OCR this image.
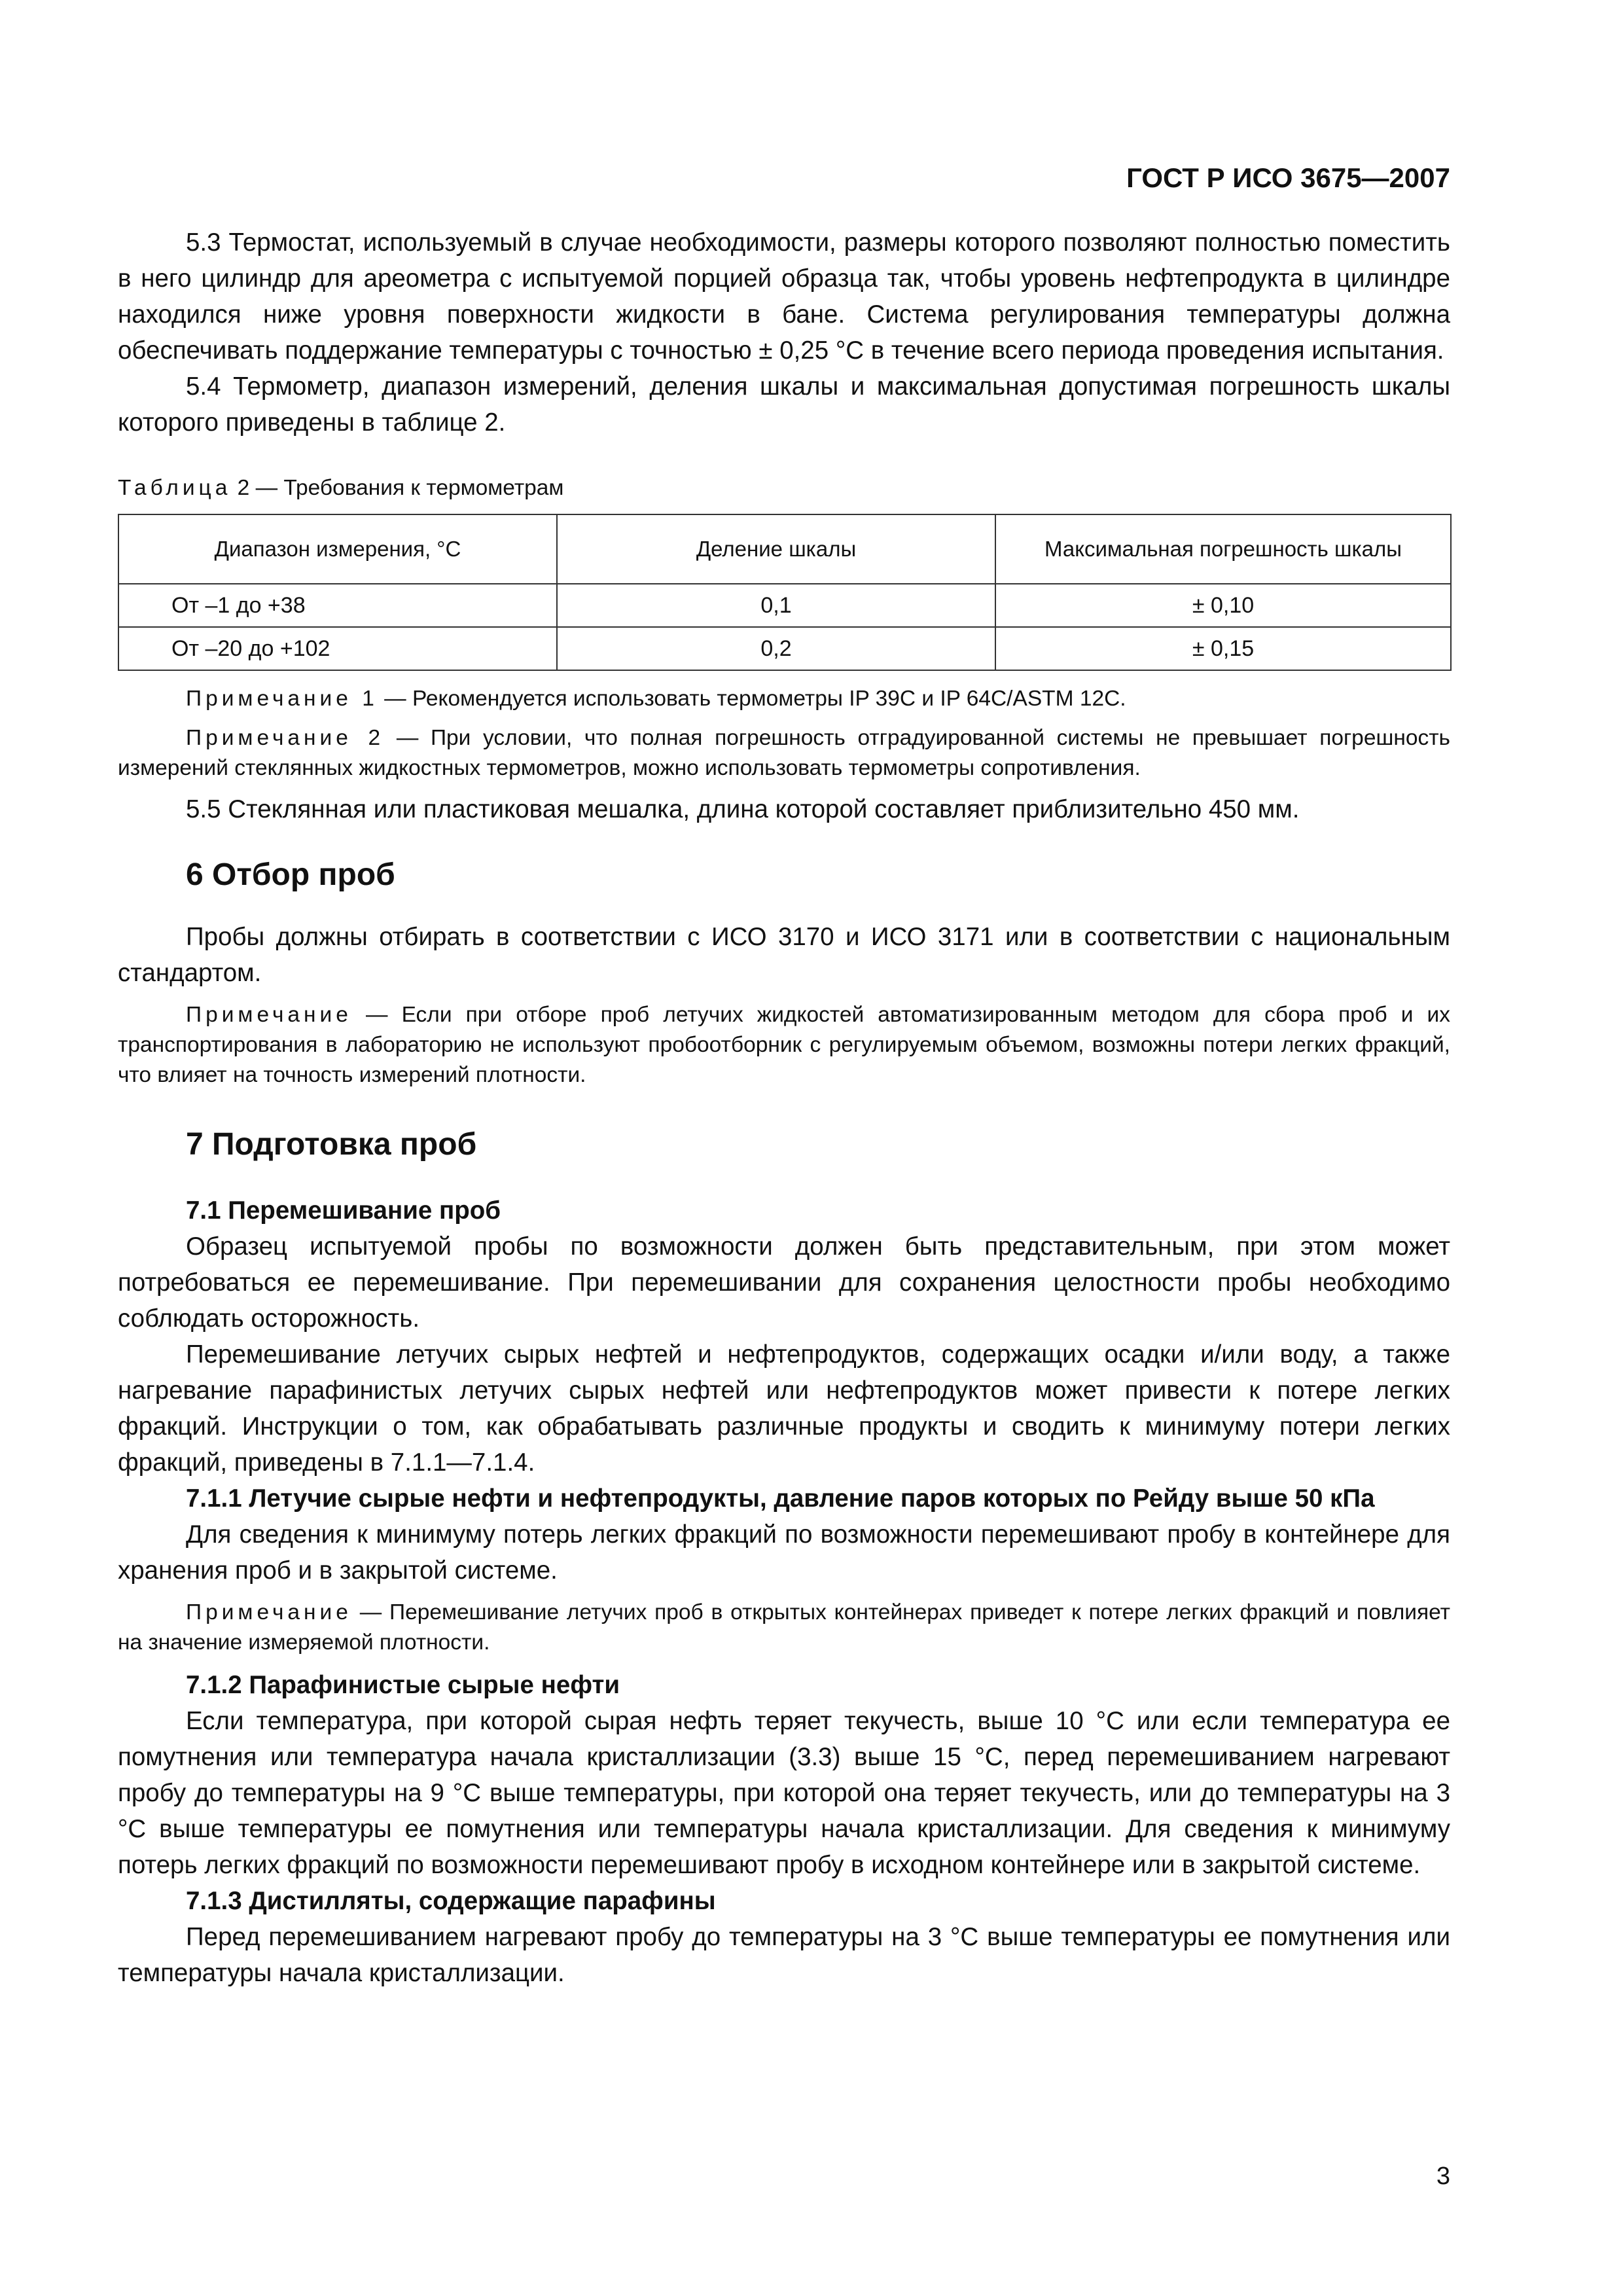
ГОСТ Р ИСО 3675—2007

5.3 Термостат, используемый в случае необходимости, размеры которого позволяют полностью поместить в него цилиндр для ареометра с испытуемой порцией образца так, чтобы уровень нефтепродукта в цилиндре находился ниже уровня поверхности жидкости в бане. Система регулирования температуры должна обеспечивать поддержание температуры с точностью ± 0,25 °С в течение всего периода проведения испытания.

5.4 Термометр, диапазон измерений, деления шкалы и максимальная допустимая погрешность шкалы которого приведены в таблице 2.

Таблица 2 — Требования к термометрам

Диапазон измерения, °С	Деление шкалы	Максимальная погрешность шкалы
От –1 до +38	0,1	± 0,10
От –20 до +102	0,2	± 0,15

Примечание 1 — Рекомендуется использовать термометры IP 39C и IP 64C/ASTM 12C.

Примечание 2 — При условии, что полная погрешность отградуированной системы не превышает погрешность измерений стеклянных жидкостных термометров, можно использовать термометры сопротивления.

5.5 Стеклянная или пластиковая мешалка, длина которой составляет приблизительно 450 мм.

6 Отбор проб

Пробы должны отбирать в соответствии с ИСО 3170 и ИСО 3171 или в соответствии с национальным стандартом.

Примечание — Если при отборе проб летучих жидкостей автоматизированным методом для сбора проб и их транспортирования в лабораторию не используют пробоотборник с регулируемым объемом, возможны потери легких фракций, что влияет на точность измерений плотности.

7 Подготовка проб

7.1 Перемешивание проб

Образец испытуемой пробы по возможности должен быть представительным, при этом может потребоваться ее перемешивание. При перемешивании для сохранения целостности пробы необходимо соблюдать осторожность.

Перемешивание летучих сырых нефтей и нефтепродуктов, содержащих осадки и/или воду, а также нагревание парафинистых летучих сырых нефтей или нефтепродуктов может привести к потере легких фракций. Инструкции о том, как обрабатывать различные продукты и сводить к минимуму потери легких фракций, приведены в 7.1.1—7.1.4.

7.1.1 Летучие сырые нефти и нефтепродукты, давление паров которых по Рейду выше 50 кПа

Для сведения к минимуму потерь легких фракций по возможности перемешивают пробу в контейнере для хранения проб и в закрытой системе.

Примечание — Перемешивание летучих проб в открытых контейнерах приведет к потере легких фракций и повлияет на значение измеряемой плотности.

7.1.2 Парафинистые сырые нефти

Если температура, при которой сырая нефть теряет текучесть, выше 10 °С или если температура ее помутнения или температура начала кристаллизации (3.3) выше 15 °С, перед перемешиванием нагревают пробу до температуры на 9 °С выше температуры, при которой она теряет текучесть, или до температуры на 3 °С выше температуры ее помутнения или температуры начала кристаллизации. Для сведения к минимуму потерь легких фракций по возможности перемешивают пробу в исходном контейнере или в закрытой системе.

7.1.3 Дистилляты, содержащие парафины

Перед перемешиванием нагревают пробу до температуры на 3 °С выше температуры ее помутнения или температуры начала кристаллизации.

3
